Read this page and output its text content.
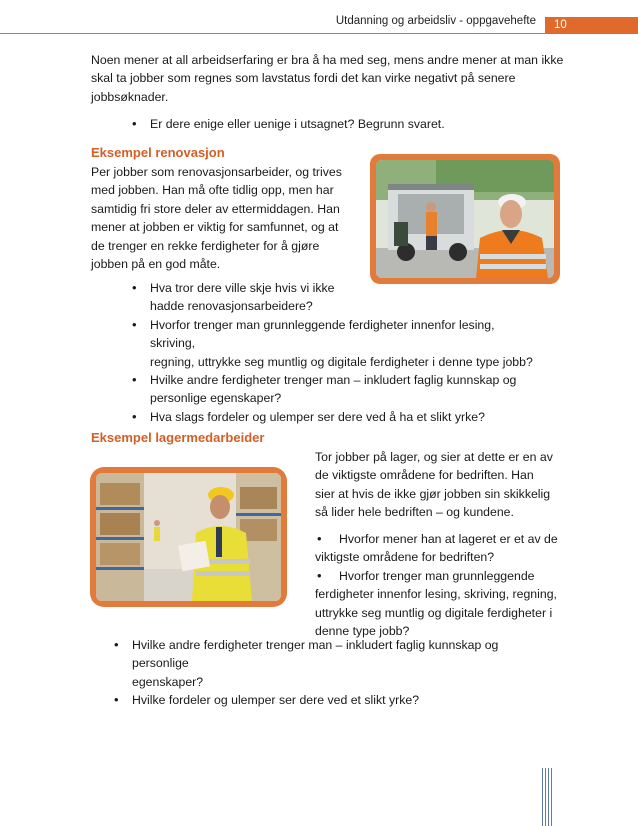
Utdanning og arbeidsliv - oppgavehefte	10

Noen mener at all arbeidserfaring er bra å ha med seg, mens andre mener at man ikke
skal ta jobber som regnes som lavstatus fordi det kan virke negativt på senere
jobbsøknader.

• Er dere enige eller uenige i utsagnet? Begrunn svaret.

Eksempel renovasjon

Per jobber som renovasjonsarbeider, og trives
med jobben. Han må ofte tidlig opp, men har
samtidig fri store deler av ettermiddagen. Han
mener at jobben er viktig for samfunnet, og at
de trenger en rekke ferdigheter for å gjøre
jobben på en god måte.

• Hva tror dere ville skje hvis vi ikke
hadde renovasjonsarbeidere?
• Hvorfor trenger man grunnleggende ferdigheter innenfor lesing, skriving,
regning, uttrykke seg muntlig og digitale ferdigheter i denne type jobb?
• Hvilke andre ferdigheter trenger man – inkludert faglig kunnskap og
personlige egenskaper?
• Hva slags fordeler og ulemper ser dere ved å ha et slikt yrke?

Eksempel lagermedarbeider

Tor jobber på lager, og sier at dette er en av
de viktigste områdene for bedriften. Han
sier at hvis de ikke gjør jobben sin skikkelig
så lider hele bedriften – og kundene.

• Hvorfor mener han at lageret er et av de
viktigste områdene for bedriften?

• Hvorfor trenger man grunnleggende
ferdigheter innenfor lesing, skriving, regning,
uttrykke seg muntlig og digitale ferdigheter i
denne type jobb?

• Hvilke andre ferdigheter trenger man – inkludert faglig kunnskap og personlige
egenskaper?
• Hvilke fordeler og ulemper ser dere ved et slikt yrke?
